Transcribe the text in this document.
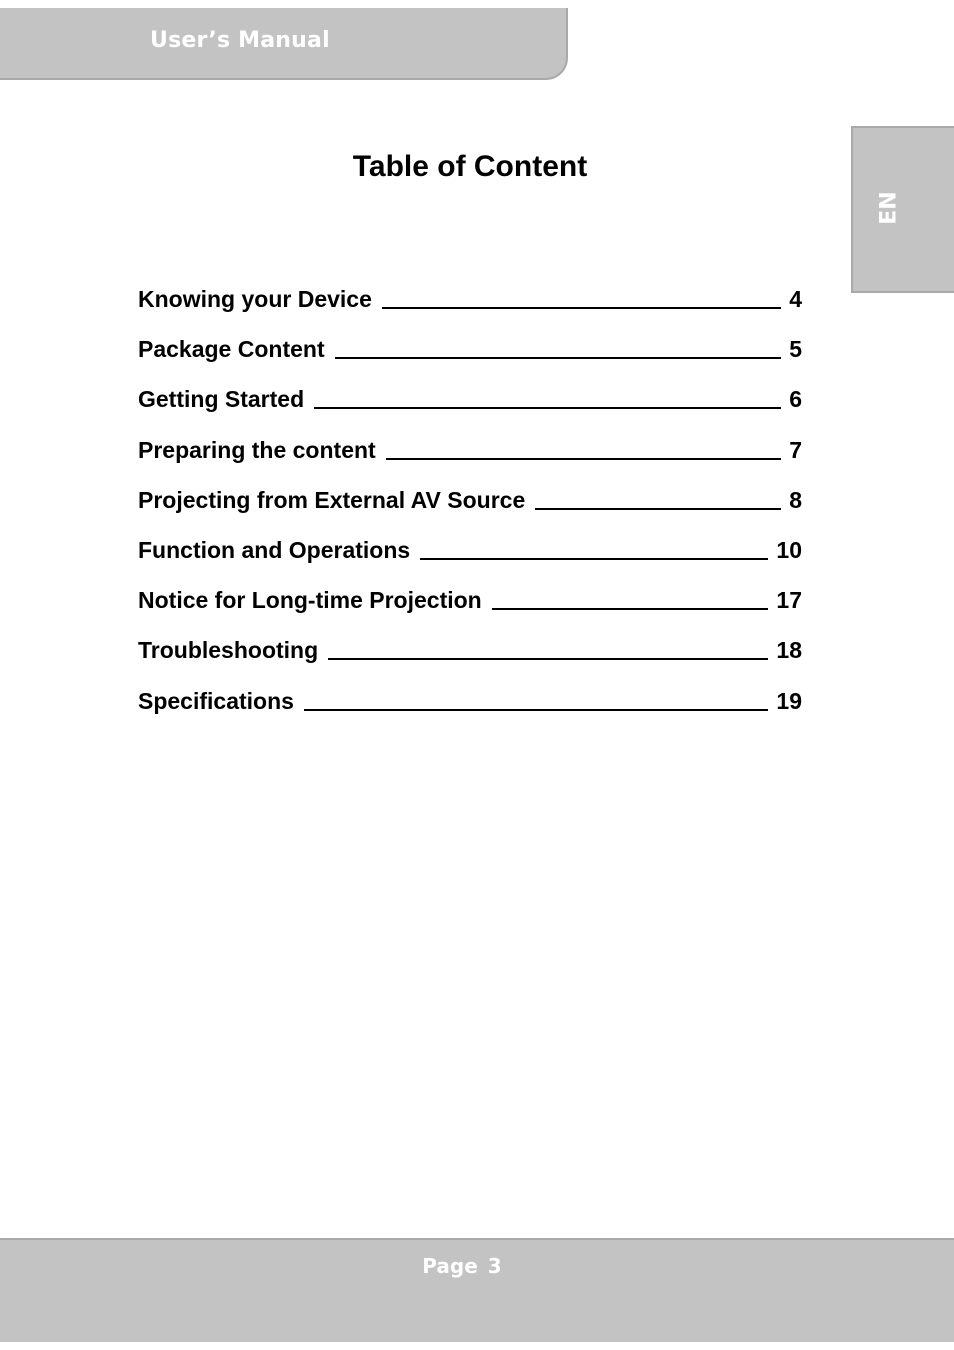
User’s Manual
EN
Table of Content
Knowing your Device	4
Package Content	5
Getting Started	6
Preparing the content	7
Projecting from External AV Source	8
Function and Operations	10
Notice for Long-time Projection	17
Troubleshooting	18
Specifications	19
Page 3
